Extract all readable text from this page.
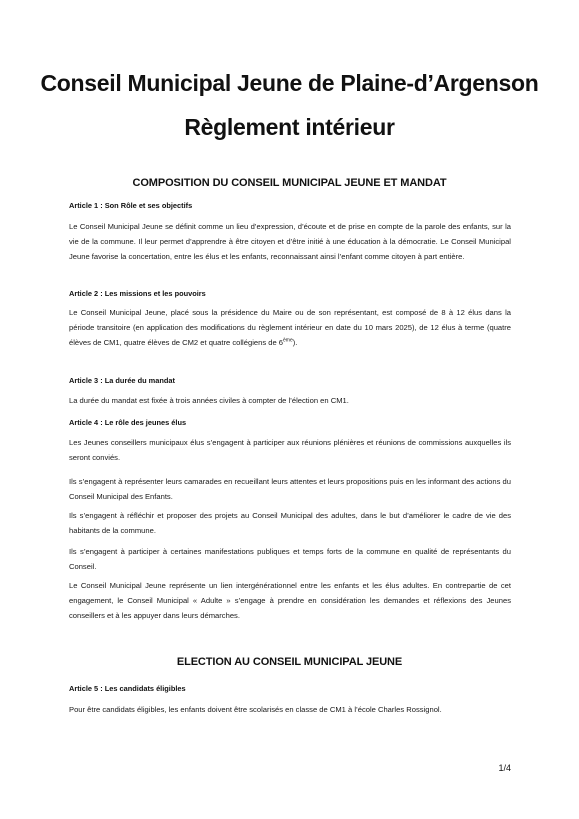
Conseil Municipal Jeune de Plaine-d’Argenson
Règlement intérieur
COMPOSITION DU CONSEIL MUNICIPAL JEUNE ET MANDAT
Article 1 : Son Rôle et ses objectifs
Le Conseil Municipal Jeune se définit comme un lieu d’expression, d’écoute et de prise en compte de la parole des enfants, sur la vie de la commune. Il leur permet d’apprendre à être citoyen et d’être initié à une éducation à la démocratie. Le Conseil Municipal Jeune favorise la concertation, entre les élus et les enfants, reconnaissant ainsi l’enfant comme citoyen à part entière.
Article 2 : Les missions et les pouvoirs
Le Conseil Municipal Jeune, placé sous la présidence du Maire ou de son représentant, est composé de 8 à 12 élus dans la période transitoire (en application des modifications du règlement intérieur en date du 10 mars 2025), de 12 élus à terme (quatre élèves de CM1, quatre élèves de CM2 et quatre collégiens de 6ème).
Article 3 : La durée du mandat
La durée du mandat est fixée à trois années civiles à compter de l’élection en CM1.
Article 4 : Le rôle des jeunes élus
Les Jeunes conseillers municipaux élus s’engagent à participer aux réunions plénières et réunions de commissions auxquelles ils seront conviés.
Ils s’engagent à représenter leurs camarades en recueillant leurs attentes et leurs propositions puis en les informant des actions du Conseil Municipal des Enfants.
Ils s’engagent à réfléchir et proposer des projets au Conseil Municipal des adultes, dans le but d’améliorer le cadre de vie des habitants de la commune.
Ils s’engagent à participer à certaines manifestations publiques et temps forts de la commune en qualité de représentants du Conseil.
Le Conseil Municipal Jeune représente un lien intergénérationnel entre les enfants et les élus adultes. En contrepartie de cet engagement, le Conseil Municipal « Adulte » s’engage à prendre en considération les demandes et réflexions des Jeunes conseillers et à les appuyer dans leurs démarches.
ELECTION AU CONSEIL MUNICIPAL JEUNE
Article 5 : Les candidats éligibles
Pour être candidats éligibles, les enfants doivent être scolarisés en classe de CM1 à l’école Charles Rossignol.
1/4
